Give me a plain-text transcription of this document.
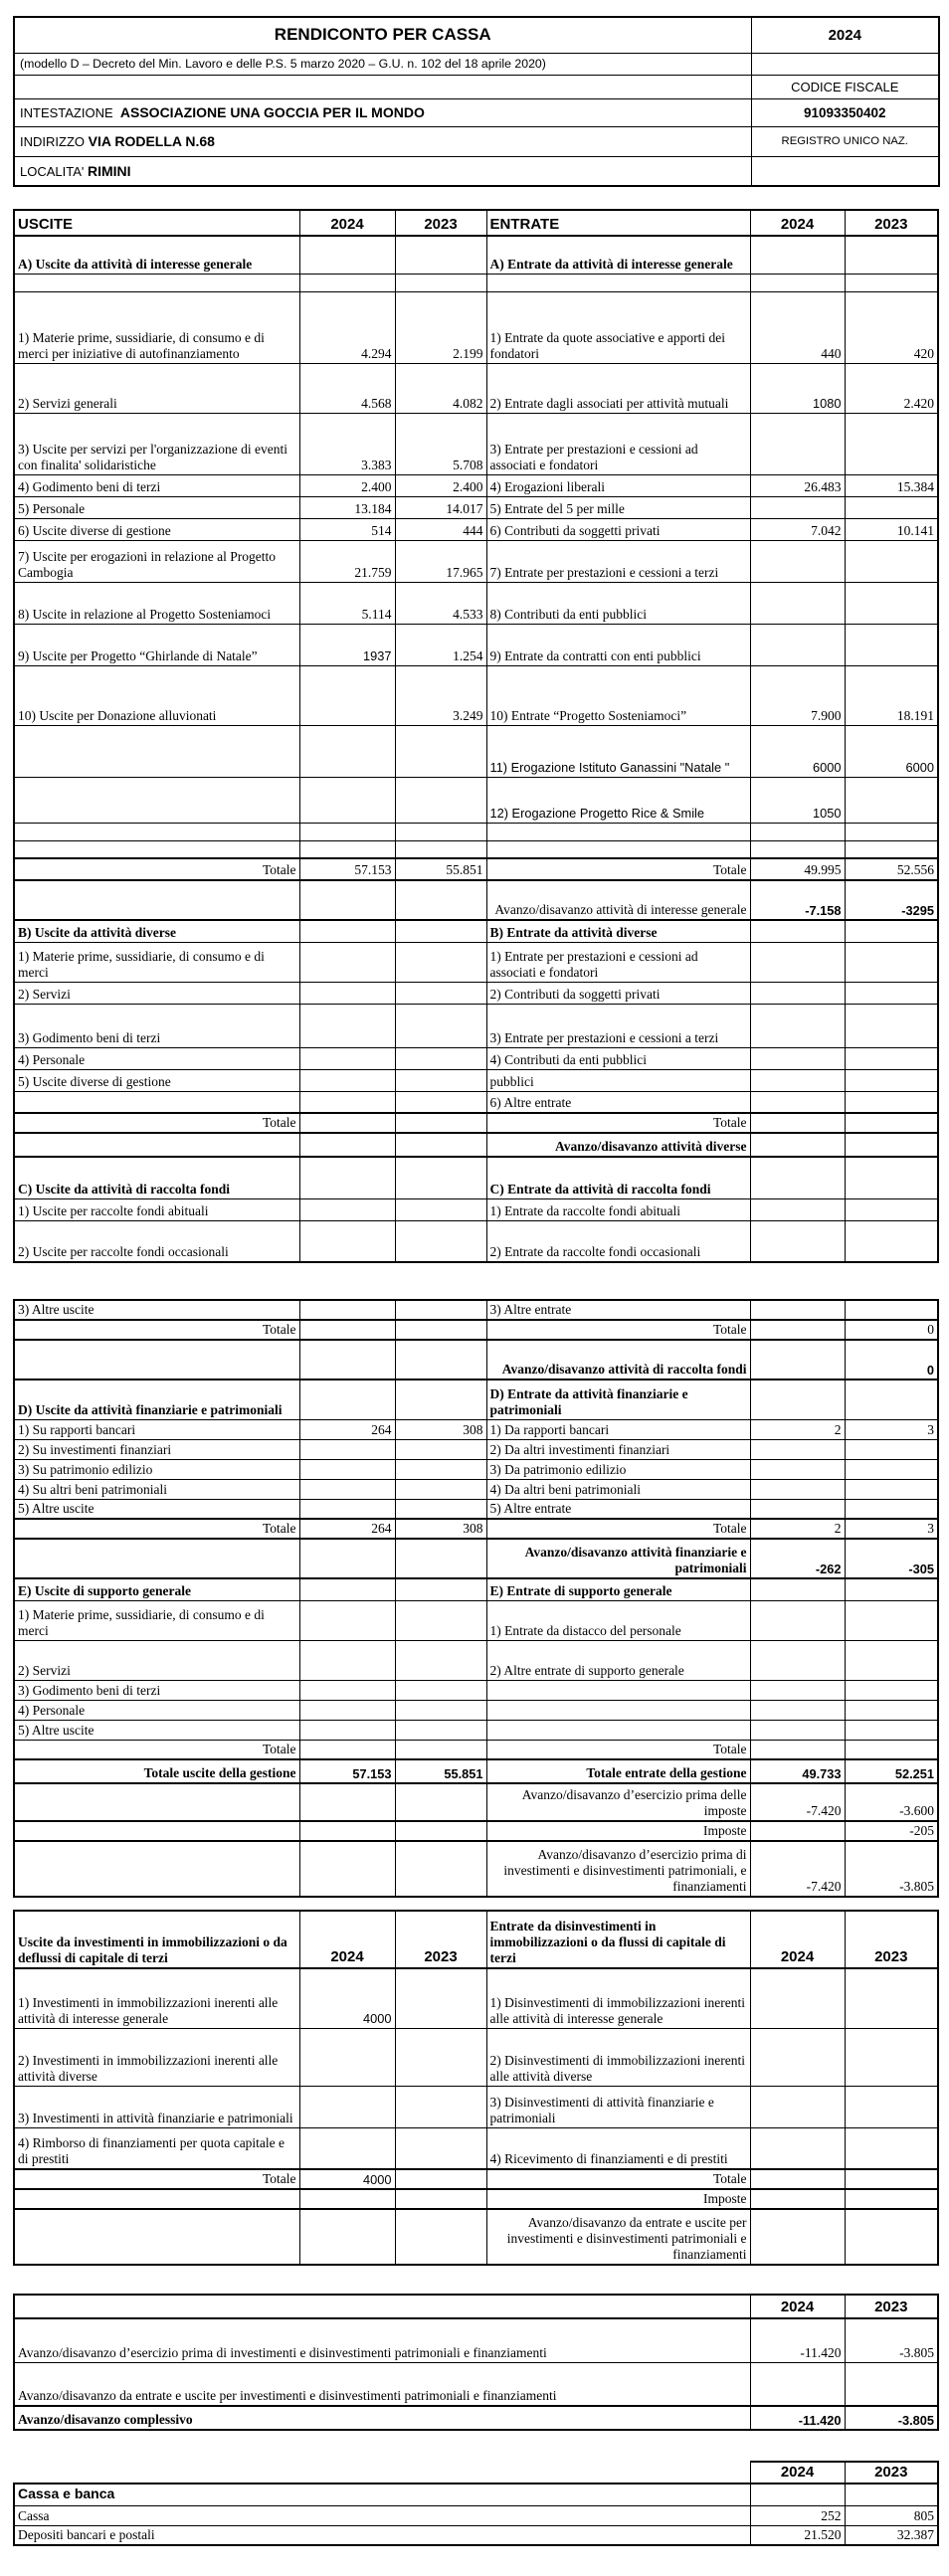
RENDICONTO PER CASSA	2024
(modello D – Decreto del Min. Lavoro e delle P.S. 5 marzo 2020 – G.U. n. 102 del 18 aprile 2020)	
	CODICE FISCALE
INTESTAZIONE ASSOCIAZIONE UNA GOCCIA PER IL MONDO	91093350402
INDIRIZZO VIA RODELLA N.68	REGISTRO UNICO NAZ.
LOCALITA' RIMINI	
USCITE	2024	2023	ENTRATE	2024	2023
A) Uscite da attività di interesse generale			A) Entrate da attività di interesse generale		

1) Materie prime, sussidiarie, di consumo e di merci per iniziative di autofinanziamento	4.294	2.199	1) Entrate da quote associative e apporti dei fondatori	440	420
2) Servizi generali	4.568	4.082	2) Entrate dagli associati per attività mutuali	1080	2.420
3) Uscite per servizi per l'organizzazione di eventi con finalita' solidaristiche	3.383	5.708	3) Entrate per prestazioni e cessioni ad associati e fondatori		
4) Godimento beni di terzi	2.400	2.400	4) Erogazioni liberali	26.483	15.384
5) Personale	13.184	14.017	5) Entrate del 5 per mille		
6) Uscite diverse di gestione	514	444	6) Contributi da soggetti privati	7.042	10.141
7) Uscite per erogazioni in relazione al Progetto Cambogia	21.759	17.965	7) Entrate per prestazioni e cessioni a terzi		
8) Uscite in relazione al Progetto Sosteniamoci	5.114	4.533	8) Contributi da enti pubblici		
9) Uscite per Progetto “Ghirlande di Natale”	1937	1.254	9) Entrate da contratti con enti pubblici		
10) Uscite per Donazione alluvionati		3.249	10) Entrate “Progetto Sosteniamoci”	7.900	18.191
			11) Erogazione Istituto Ganassini "Natale "	6000	6000
			12) Erogazione Progetto Rice & Smile	1050	

Totale	57.153	55.851	Totale	49.995	52.556
			Avanzo/disavanzo attività di interesse generale	-7.158	-3295
B) Uscite da attività diverse			B) Entrate da attività diverse		
1) Materie prime, sussidiarie, di consumo e di merci			1) Entrate per prestazioni e cessioni ad associati e fondatori		
2) Servizi			2) Contributi da soggetti privati		
3) Godimento beni di terzi			3) Entrate per prestazioni e cessioni a terzi		
4) Personale			4) Contributi da enti pubblici		
5) Uscite diverse di gestione			pubblici		
			6) Altre entrate		
Totale			Totale		
			Avanzo/disavanzo attività diverse		
C) Uscite da attività di raccolta fondi			C) Entrate da attività di raccolta fondi		
1) Uscite per raccolte fondi abituali			1) Entrate da raccolte fondi abituali		
2) Uscite per raccolte fondi occasionali			2) Entrate da raccolte fondi occasionali		
3) Altre uscite			3) Altre entrate		
Totale			Totale		0
			Avanzo/disavanzo attività di raccolta fondi		0
D) Uscite da attività finanziarie e patrimoniali			D) Entrate da attività finanziarie e patrimoniali		
1) Su rapporti bancari	264	308	1) Da rapporti bancari	2	3
2) Su investimenti finanziari			2) Da altri investimenti finanziari		
3) Su patrimonio edilizio			3) Da patrimonio edilizio		
4) Su altri beni patrimoniali			4) Da altri beni patrimoniali		
5) Altre uscite			5) Altre entrate		
Totale	264	308	Totale	2	3
			Avanzo/disavanzo attività finanziarie e patrimoniali	-262	-305
E) Uscite di supporto generale			E) Entrate di supporto generale		
1) Materie prime, sussidiarie, di consumo e di merci			1) Entrate da distacco del personale		
2) Servizi			2) Altre entrate di supporto generale		
3) Godimento beni di terzi					
4) Personale					
5) Altre uscite					
Totale			Totale		
Totale uscite della gestione	57.153	55.851	Totale entrate della gestione	49.733	52.251
			Avanzo/disavanzo d’esercizio prima delle imposte	-7.420	-3.600
			Imposte		-205
			Avanzo/disavanzo d’esercizio prima di investimenti e disinvestimenti patrimoniali, e finanziamenti	-7.420	-3.805
Uscite da investimenti in immobilizzazioni o da deflussi di capitale di terzi	2024	2023	Entrate da disinvestimenti in immobilizzazioni o da flussi di capitale di terzi	2024	2023
1) Investimenti in immobilizzazioni inerenti alle attività di interesse generale	4000		1) Disinvestimenti di immobilizzazioni inerenti alle attività di interesse generale		
2) Investimenti in immobilizzazioni inerenti alle attività diverse			2) Disinvestimenti di immobilizzazioni inerenti alle attività diverse		
3) Investimenti in attività finanziarie e patrimoniali			3) Disinvestimenti di attività finanziarie e patrimoniali		
4) Rimborso di finanziamenti per quota capitale e di prestiti			4) Ricevimento di finanziamenti e di prestiti		
Totale	4000		Totale		
			Imposte		
			Avanzo/disavanzo da entrate e uscite per investimenti e disinvestimenti patrimoniali e finanziamenti		
	2024	2023
Avanzo/disavanzo d’esercizio prima di investimenti e disinvestimenti patrimoniali e finanziamenti	-11.420	-3.805
Avanzo/disavanzo da entrate e uscite per investimenti e disinvestimenti patrimoniali e finanziamenti		
Avanzo/disavanzo complessivo	-11.420	-3.805
	2024	2023
Cassa e banca		
Cassa	252	805
Depositi bancari e postali	21.520	32.387
